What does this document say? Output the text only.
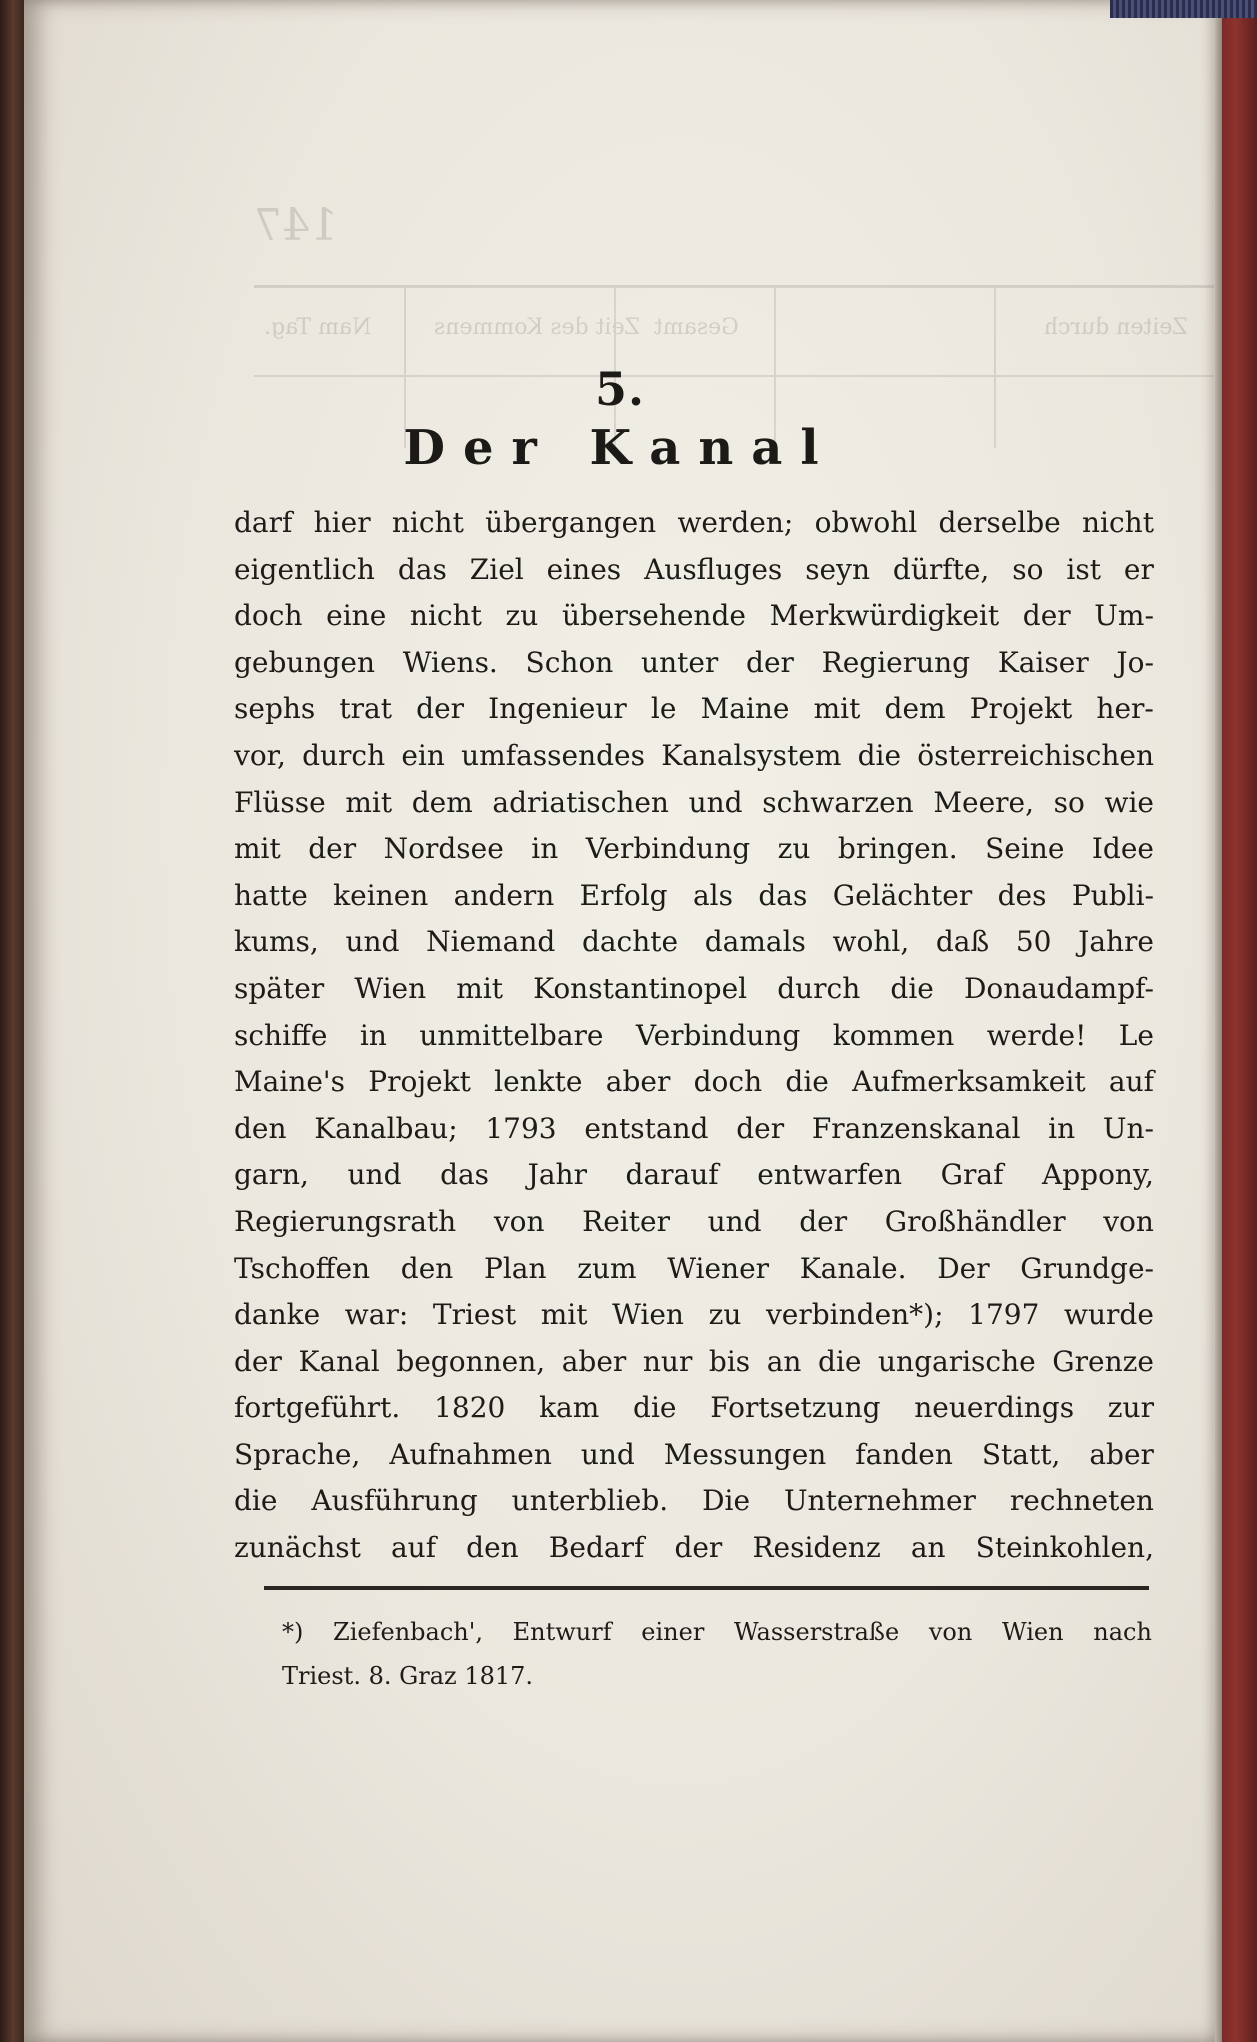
147
Nam Tag.	Zeit des Kommens Gesamt	Zeiten durch
5.
Der Kanal
darf hier nicht übergangen werden; obwohl derselbe nicht
eigentlich das Ziel eines Ausfluges seyn dürfte, so ist er
doch eine nicht zu übersehende Merkwürdigkeit der Um-
gebungen Wiens. Schon unter der Regierung Kaiser Jo-
sephs trat der Ingenieur le Maine mit dem Projekt her-
vor, durch ein umfassendes Kanalsystem die österreichischen
Flüsse mit dem adriatischen und schwarzen Meere, so wie
mit der Nordsee in Verbindung zu bringen. Seine Idee
hatte keinen andern Erfolg als das Gelächter des Publi-
kums, und Niemand dachte damals wohl, daß 50 Jahre
später Wien mit Konstantinopel durch die Donaudampf-
schiffe in unmittelbare Verbindung kommen werde! Le
Maine's Projekt lenkte aber doch die Aufmerksamkeit auf
den Kanalbau; 1793 entstand der Franzenskanal in Un-
garn, und das Jahr darauf entwarfen Graf Appony,
Regierungsrath von Reiter und der Großhändler von
Tschoffen den Plan zum Wiener Kanale. Der Grundge-
danke war: Triest mit Wien zu verbinden*); 1797 wurde
der Kanal begonnen, aber nur bis an die ungarische Grenze
fortgeführt. 1820 kam die Fortsetzung neuerdings zur
Sprache, Aufnahmen und Messungen fanden Statt, aber
die Ausführung unterblieb. Die Unternehmer rechneten
zunächst auf den Bedarf der Residenz an Steinkohlen,
*) Ziefenbach', Entwurf einer Wasserstraße von Wien nach
Triest. 8. Graz 1817.
